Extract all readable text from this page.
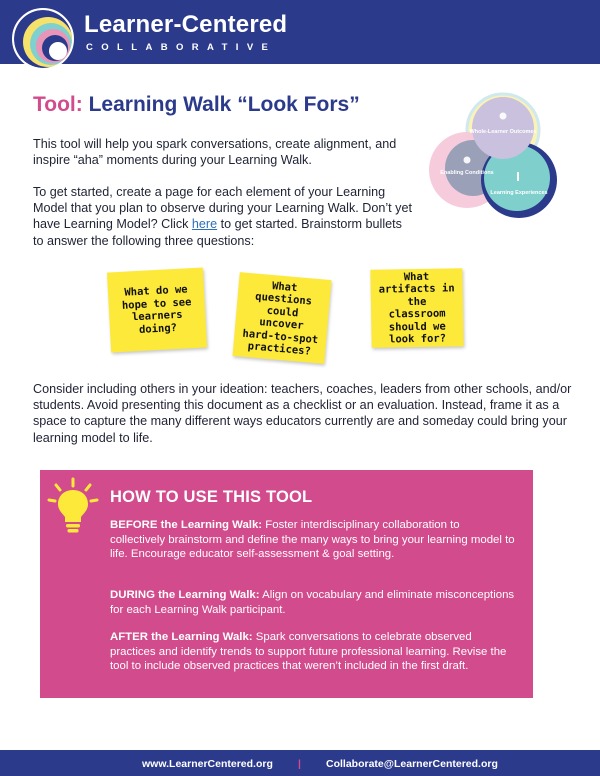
Learner-Centered
COLLABORATIVE
Tool: Learning Walk “Look Fors”
This tool will help you spark conversations, create alignment, and inspire “aha” moments during your Learning Walk.
To get started, create a page for each element of your Learning Model that you plan to observe during your Learning Walk. Don’t yet have Learning Model? Click here to get started. Brainstorm bullets to answer the following three questions:
Whole-Learner Outcomes
Enabling Conditions
Learning Experiences
What do we hope to see learners doing?
What questions could uncover hard-to-spot practices?
What artifacts in the classroom should we look for?
Consider including others in your ideation: teachers, coaches, leaders from other schools, and/or students. Avoid presenting this document as a checklist or an evaluation. Instead, frame it as a space to capture the many different ways educators currently are and someday could bring your learning model to life.
HOW TO USE THIS TOOL
BEFORE the Learning Walk: Foster interdisciplinary collaboration to collectively brainstorm and define the many ways to bring your learning model to life. Encourage educator self-assessment & goal setting.
DURING the Learning Walk: Align on vocabulary and eliminate misconceptions for each Learning Walk participant.
AFTER the Learning Walk: Spark conversations to celebrate observed practices and identify trends to support future professional learning. Revise the tool to include observed practices that weren’t included in the first draft.
www.LearnerCentered.org | Collaborate@LearnerCentered.org
